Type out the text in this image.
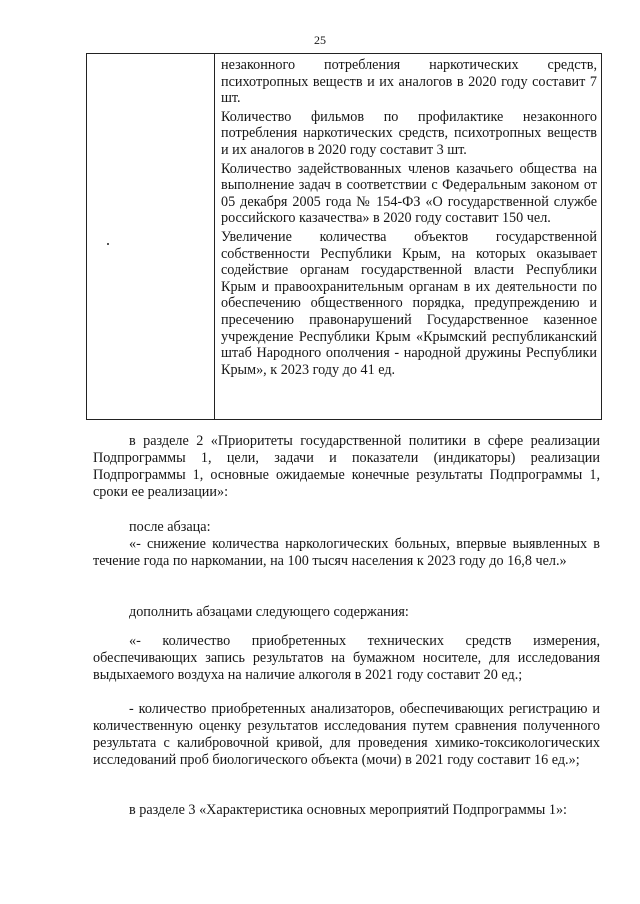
25

незаконного потребления наркотических средств, психотропных веществ и их аналогов в 2020 году составит 7 шт.

Количество фильмов по профилактике незаконного потребления наркотических средств, психотропных веществ и их аналогов в 2020 году составит 3 шт.

Количество задействованных членов казачьего общества на выполнение задач в соответствии с Федеральным законом от 05 декабря 2005 года № 154-ФЗ «О государственной службе российского казачества» в 2020 году составит 150 чел.

Увеличение количества объектов государственной собственности Республики Крым, на которых оказывает содействие органам государственной власти Республики Крым и правоохранительным органам в их деятельности по обеспечению общественного порядка, предупреждению и пресечению правонарушений Государственное казенное учреждение Республики Крым «Крымский республиканский штаб Народного ополчения - народной дружины Республики Крым», к 2023 году до 41 ед.

в разделе 2 «Приоритеты государственной политики в сфере реализации Подпрограммы 1, цели, задачи и показатели (индикаторы) реализации Подпрограммы 1, основные ожидаемые конечные результаты Подпрограммы 1, сроки ее реализации»:

после абзаца:

«- снижение количества наркологических больных, впервые выявленных в течение года по наркомании, на 100 тысяч населения к 2023 году до 16,8 чел.»

дополнить абзацами следующего содержания:

«- количество приобретенных технических средств измерения, обеспечивающих запись результатов на бумажном носителе, для исследования выдыхаемого воздуха на наличие алкоголя в 2021 году составит 20 ед.;

- количество приобретенных анализаторов, обеспечивающих регистрацию и количественную оценку результатов исследования путем сравнения полученного результата с калибровочной кривой, для проведения химико-токсикологических исследований проб биологического объекта (мочи) в 2021 году составит 16 ед.»;

в разделе 3 «Характеристика основных мероприятий Подпрограммы 1»:
